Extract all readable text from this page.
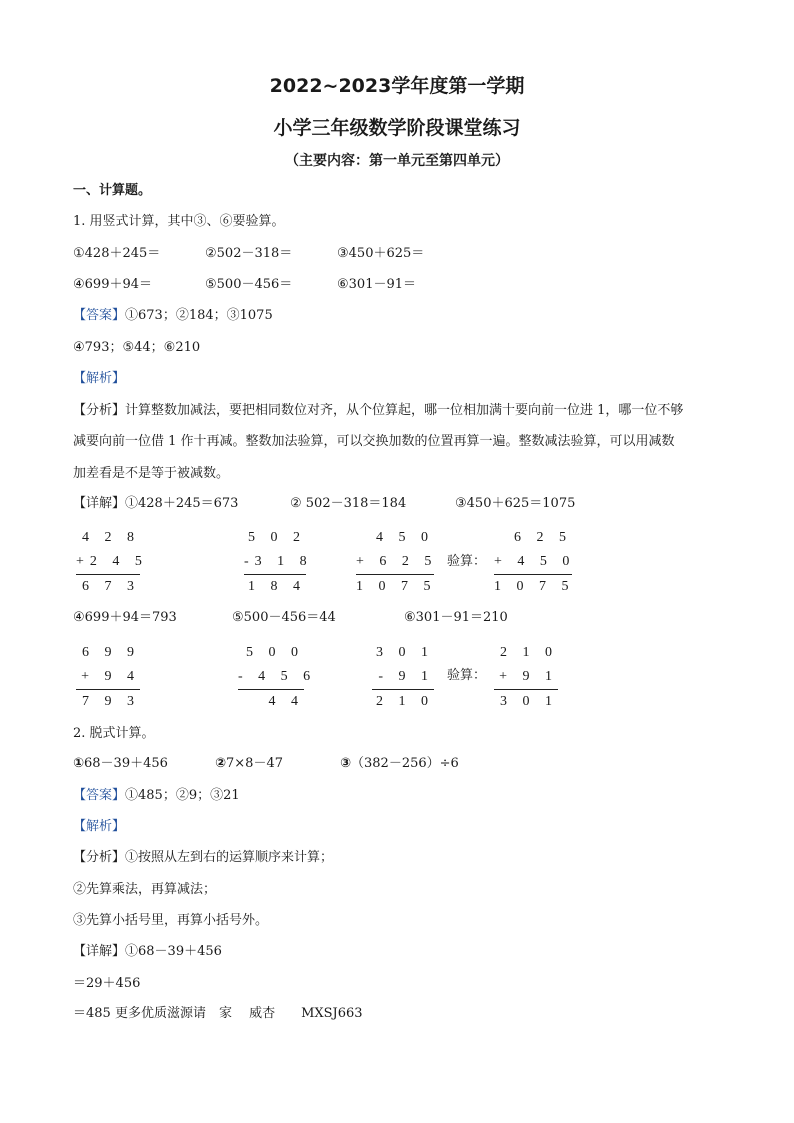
2022~2023学年度第一学期
小学三年级数学阶段课堂练习
（主要内容：第一单元至第四单元）
一、计算题。
1. 用竖式计算，其中③、⑥要验算。
①428＋245＝	②502－318＝	③450＋625＝
④699＋94＝	⑤500－456＝	⑥301－91＝
【答案】①673；②184；③1075
④793；⑤44；⑥210
【解析】
【分析】计算整数加减法，要把相同数位对齐，从个位算起，哪一位相加满十要向前一位进 1，哪一位不够
减要向前一位借 1 作十再减。整数加法验算，可以交换加数的位置再算一遍。整数减法验算，可以用减数
加差看是不是等于被减数。
【详解】①428＋245＝673	② 502－318＝184	③450＋625＝1075
4 2 8
+2 4 5
6 7 3
5 0 2
-3 1 8
1 8 4
4 5 0
+ 6 2 5
1 0 7 5
验算：
6 2 5
+ 4 5 0
1 0 7 5
④699＋94＝793	⑤500－456＝44	⑥301－91＝210
6 9 9
+ 9 4
7 9 3
5 0 0
- 4 5 6
4 4
3 0 1
- 9 1
2 1 0
验算：
2 1 0
+ 9 1
3 0 1
2. 脱式计算。
①68－39＋456	②7×8－47	③（382－256）÷6
【答案】①485；②9；③21
【解析】
【分析】①按照从左到右的运算顺序来计算；
②先算乘法，再算减法；
③先算小括号里，再算小括号外。
【详解】①68－39＋456
＝29＋456
＝485 更多优质滋源请　家　 威杏　　MXSJ663
